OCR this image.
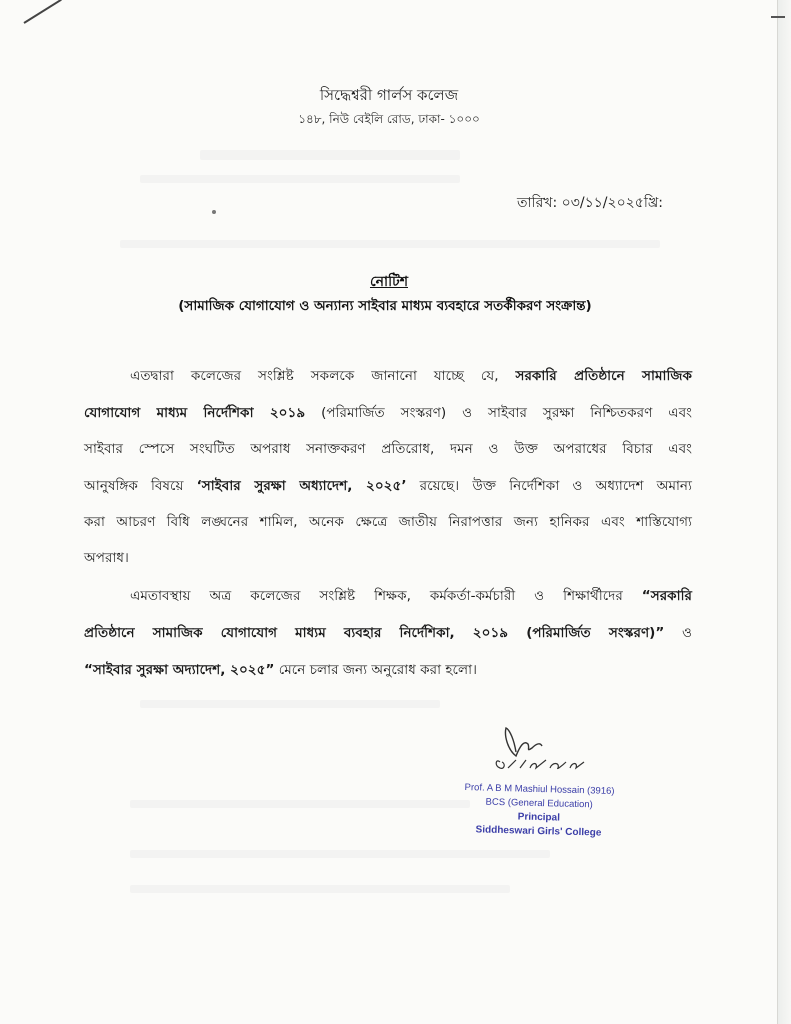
সিদ্ধেশ্বরী গার্লস কলেজ
১৪৮, নিউ বেইলি রোড, ঢাকা- ১০০০
তারিখ: ০৩/১১/২০২৫খ্রি:
নোটিশ
(সামাজিক যোগাযোগ ও অন্যান্য সাইবার মাধ্যম ব্যবহারে সতর্কীকরণ সংক্রান্ত)
এতদ্বারা কলেজের সংশ্লিষ্ট সকলকে জানানো যাচ্ছে যে, সরকারি প্রতিষ্ঠানে সামাজিক
যোগাযোগ মাধ্যম নির্দেশিকা ২০১৯ (পরিমার্জিত সংস্করণ) ও সাইবার সুরক্ষা নিশ্চিতকরণ এবং
সাইবার স্পেসে সংঘটিত অপরাধ সনাক্তকরণ প্রতিরোধ, দমন ও উক্ত অপরাধের বিচার এবং
আনুষঙ্গিক বিষয়ে ‘সাইবার সুরক্ষা অধ্যাদেশ, ২০২৫’ রয়েছে। উক্ত নির্দেশিকা ও অধ্যাদেশ অমান্য
করা আচরণ বিধি লঙ্ঘনের শামিল, অনেক ক্ষেত্রে জাতীয় নিরাপত্তার জন্য হানিকর এবং শাস্তিযোগ্য
অপরাধ।
এমতাবস্থায় অত্র কলেজের সংশ্লিষ্ট শিক্ষক, কর্মকর্তা-কর্মচারী ও শিক্ষার্থীদের “সরকারি
প্রতিষ্ঠানে সামাজিক যোগাযোগ মাধ্যম ব্যবহার নির্দেশিকা, ২০১৯ (পরিমার্জিত সংস্করণ)” ও
“সাইবার সুরক্ষা অদ্যাদেশ, ২০২৫” মেনে চলার জন্য অনুরোধ করা হলো।
Prof. A B M Mashiul Hossain (3916)
BCS (General Education)
Principal
Siddheswari Girls' College
